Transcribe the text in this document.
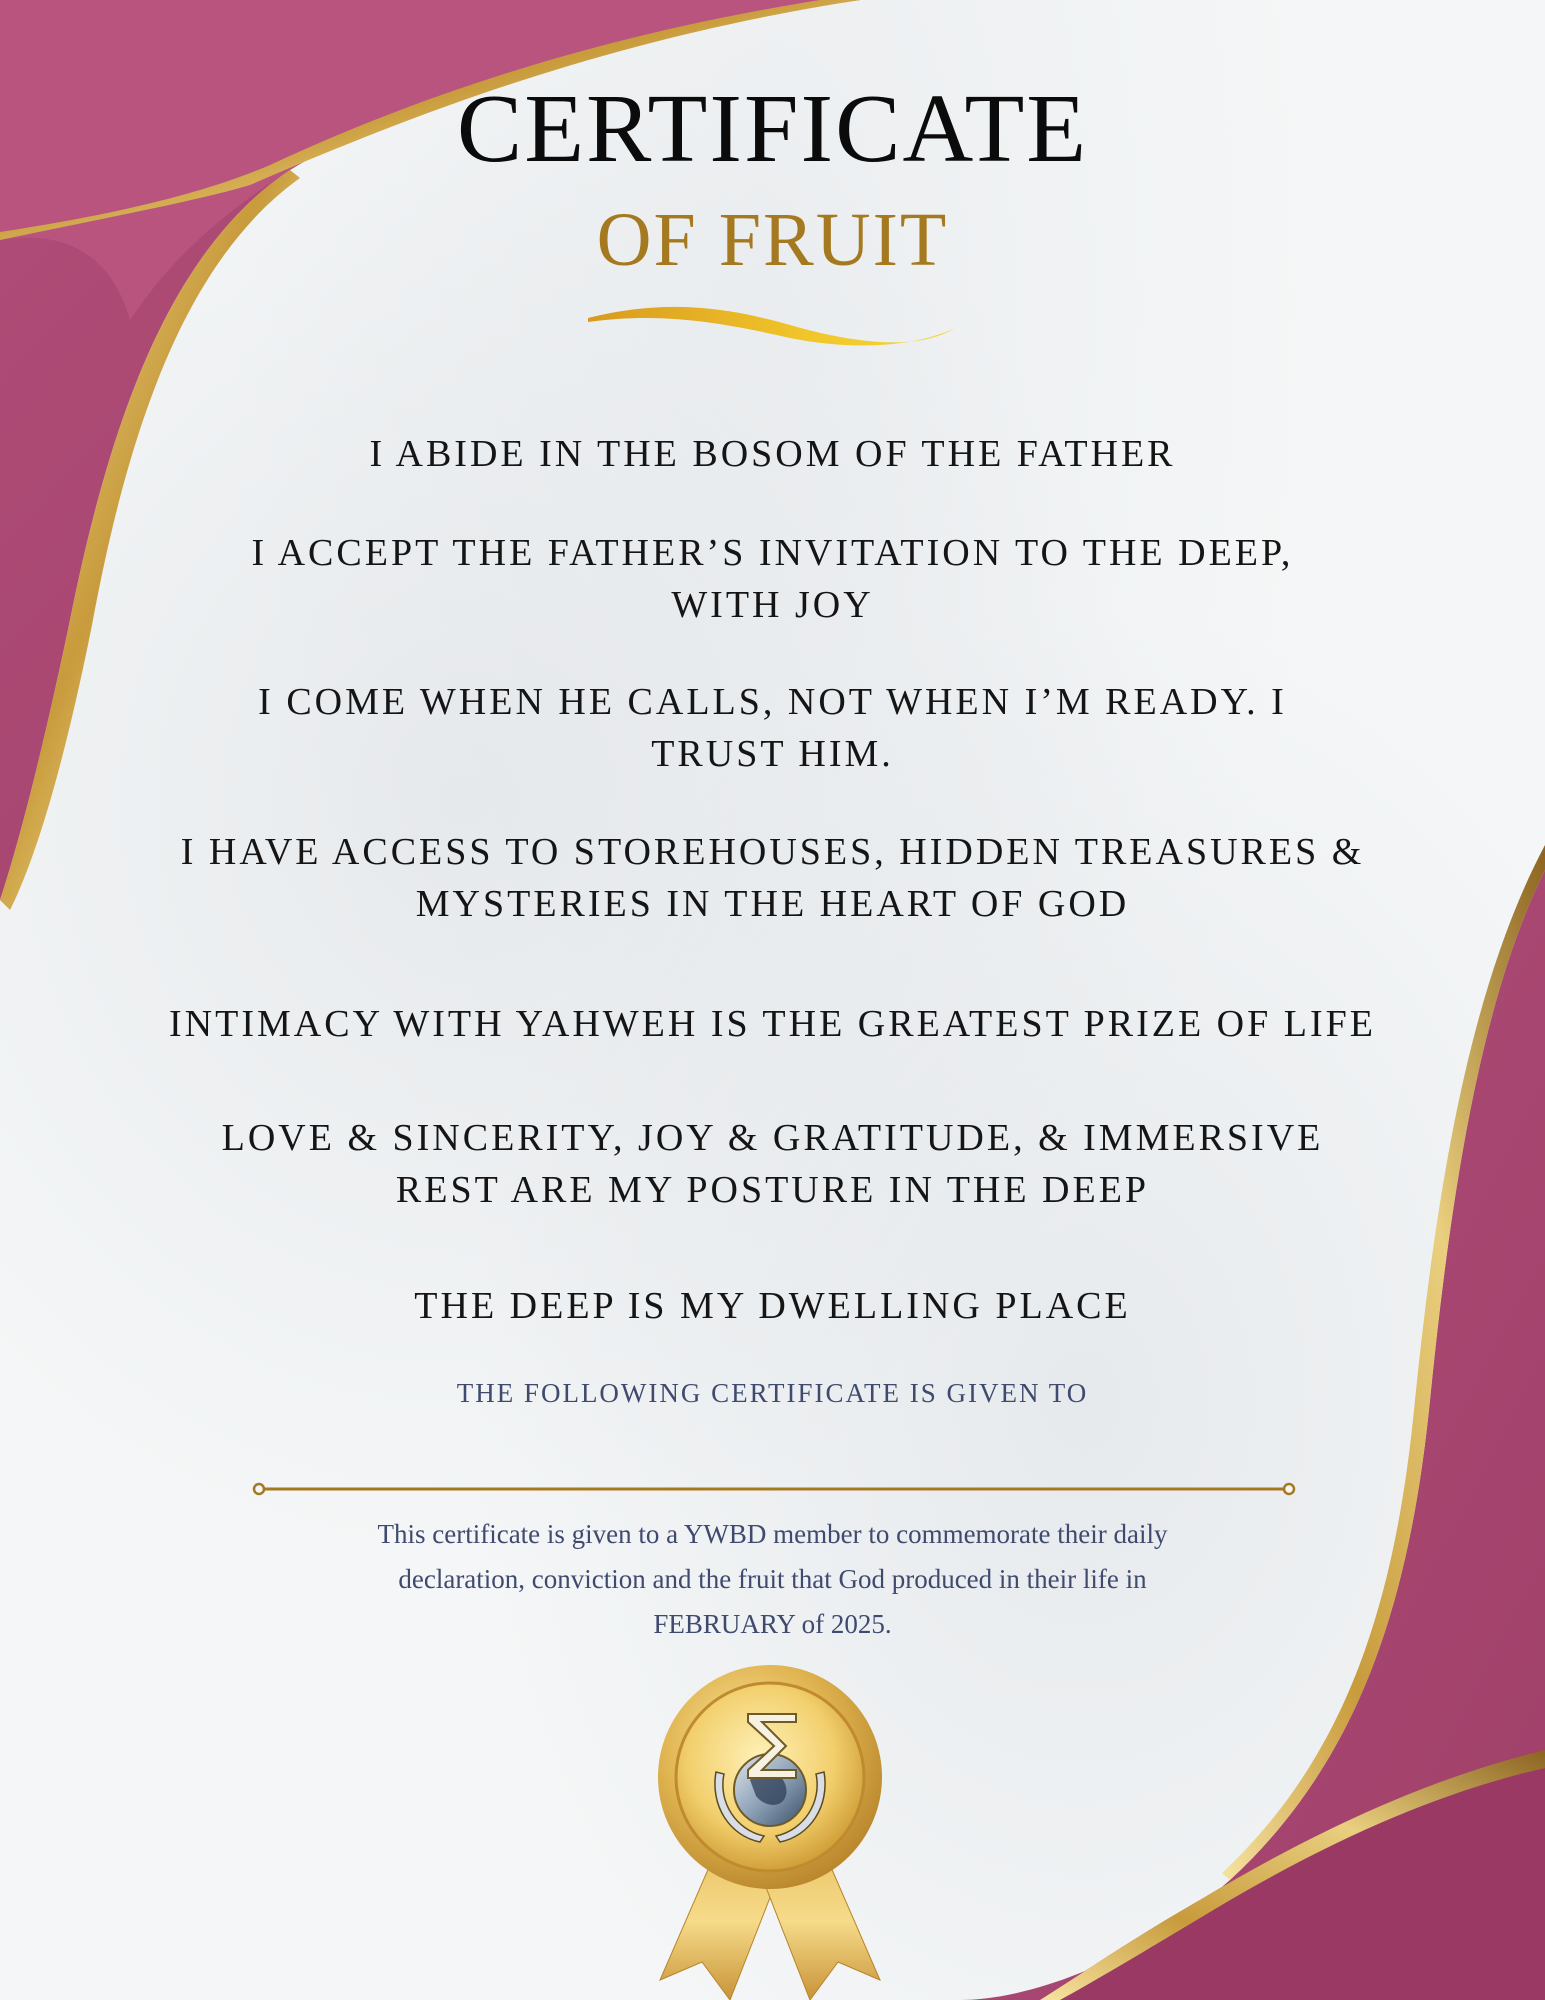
CERTIFICATE
OF FRUIT
I ABIDE IN THE BOSOM OF THE FATHER
I ACCEPT THE FATHER’S INVITATION TO THE DEEP,
WITH JOY
I COME WHEN HE CALLS, NOT WHEN I’M READY. I
TRUST HIM.
I HAVE ACCESS TO STOREHOUSES, HIDDEN TREASURES &
MYSTERIES IN THE HEART OF GOD
INTIMACY WITH YAHWEH IS THE GREATEST PRIZE OF LIFE
LOVE & SINCERITY, JOY & GRATITUDE, & IMMERSIVE
REST ARE MY POSTURE IN THE DEEP
THE DEEP IS MY DWELLING PLACE
THE FOLLOWING CERTIFICATE IS GIVEN TO
This certificate is given to a YWBD member to commemorate their daily
declaration, conviction and the fruit that God produced in their life in
FEBRUARY of 2025.
